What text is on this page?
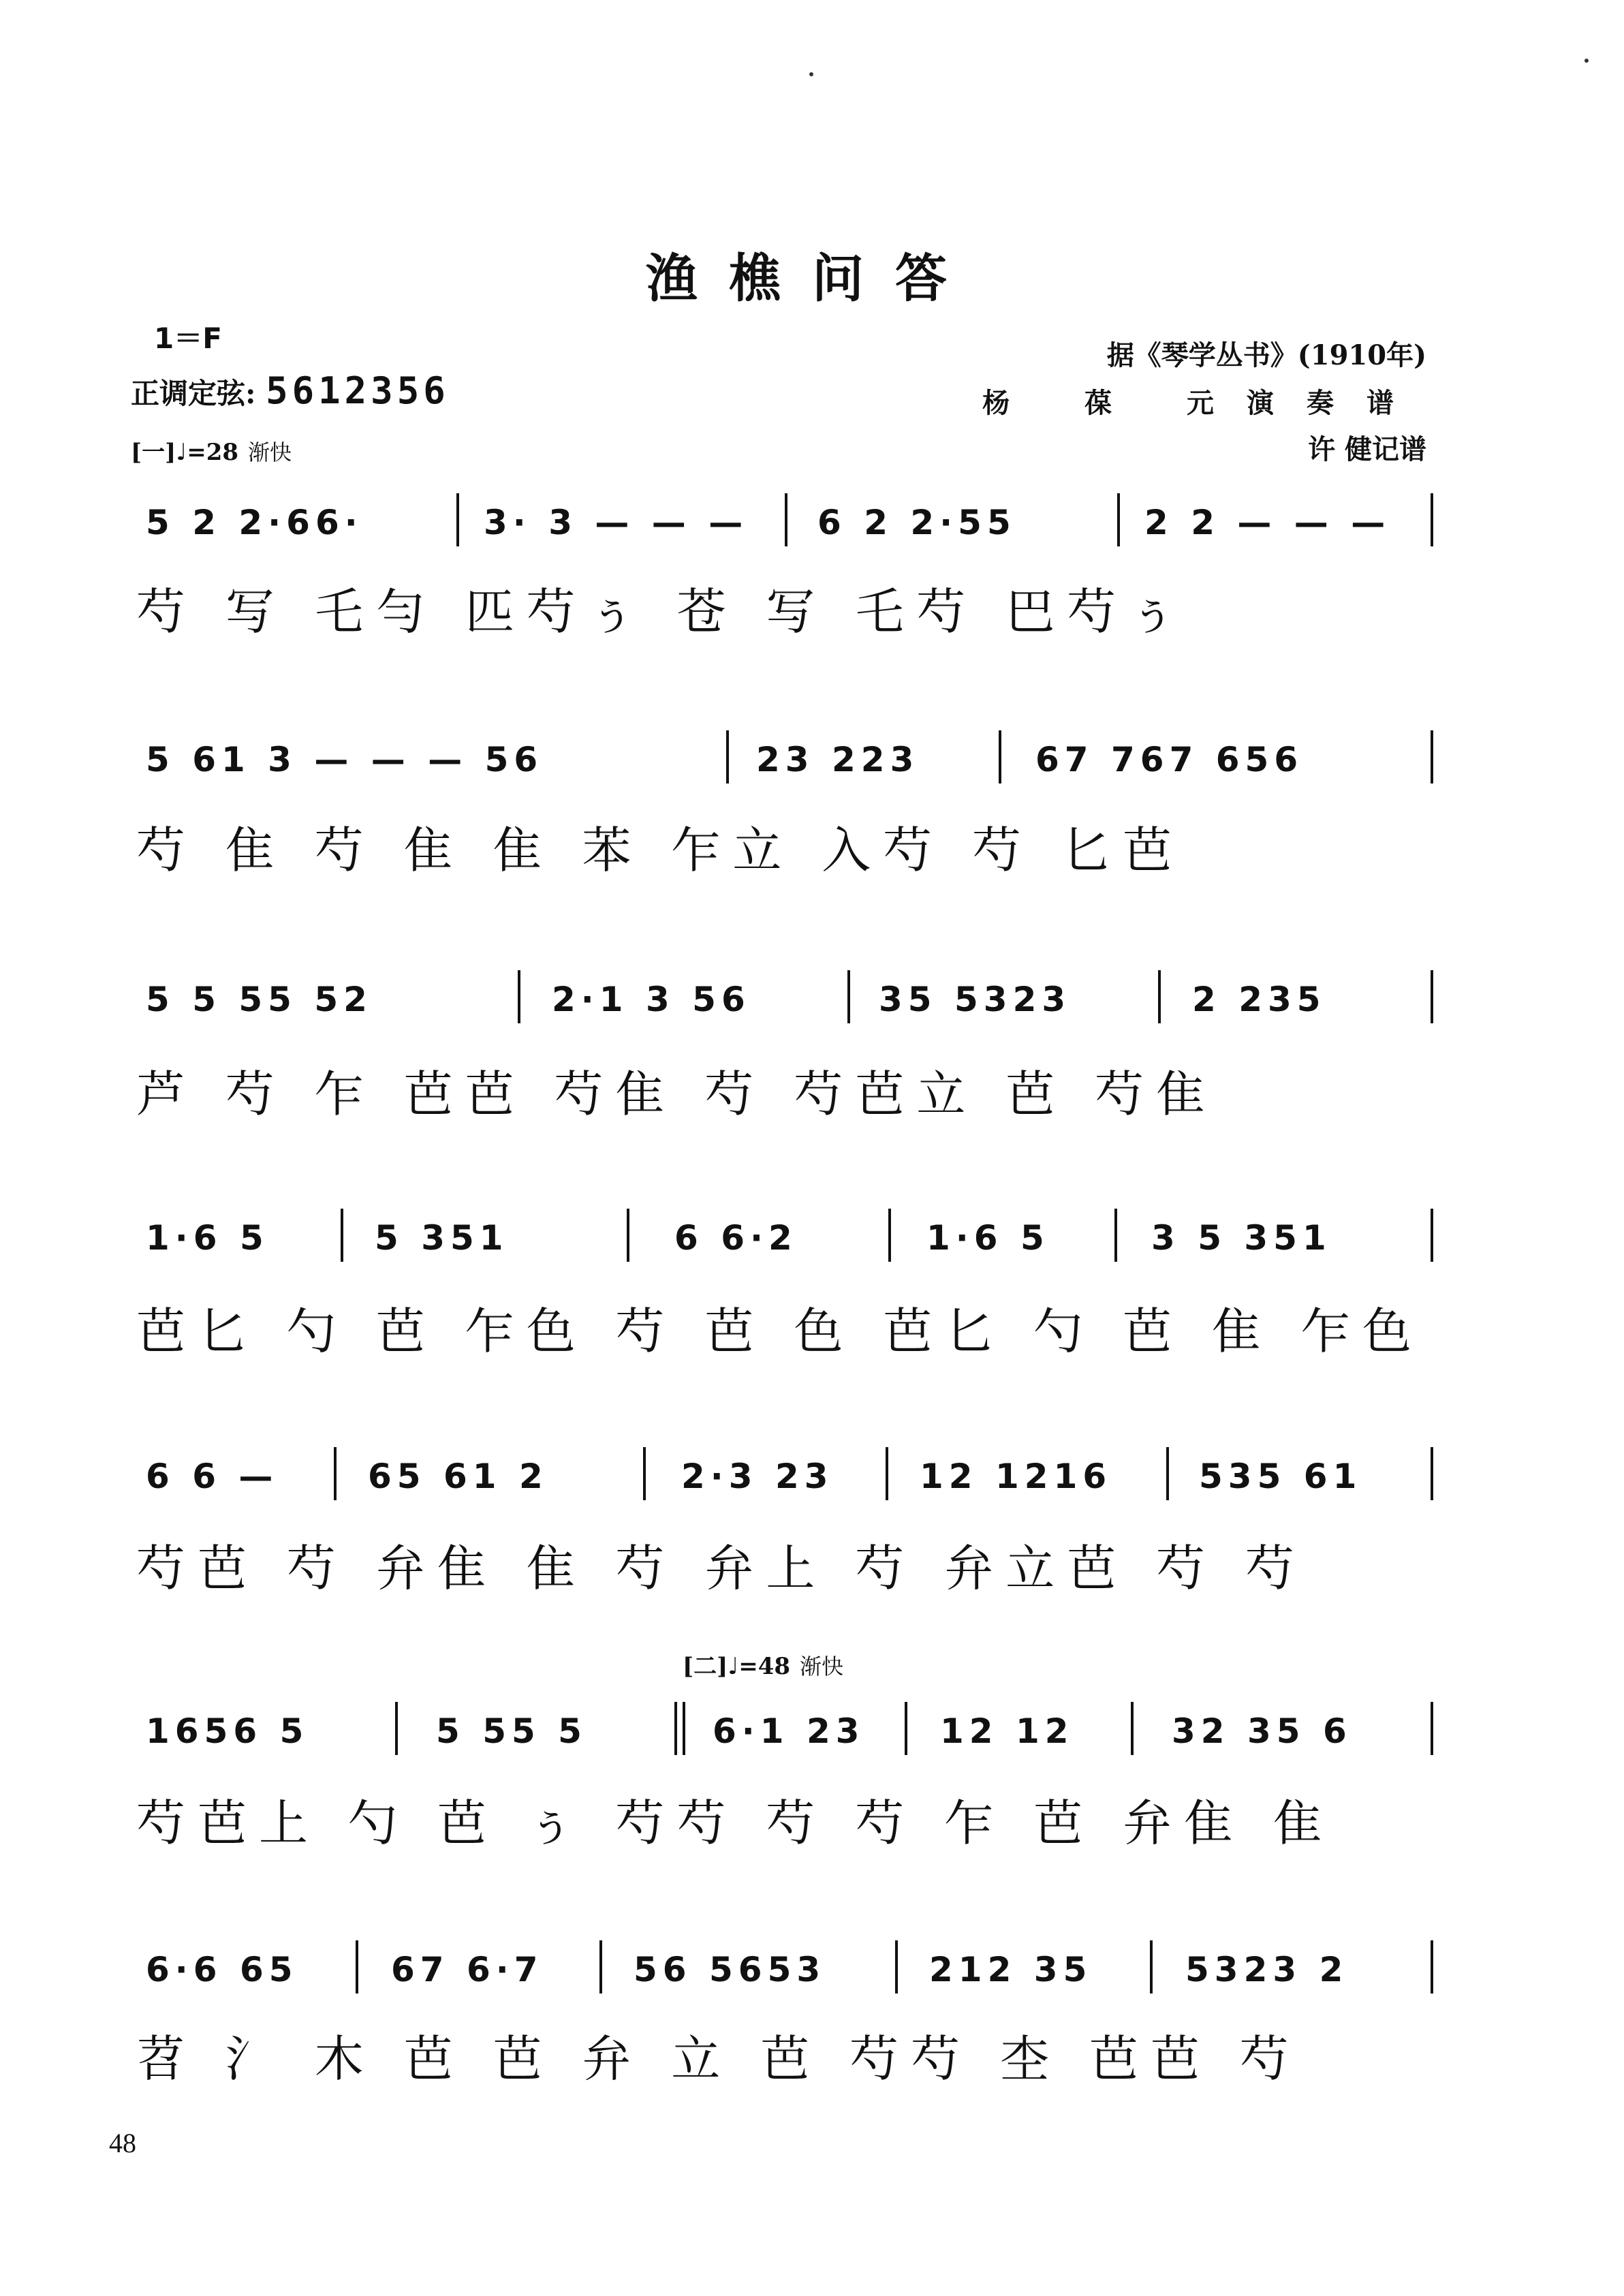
渔樵问答
1＝F
正调定弦: 5612356
[一]♩=28 渐快
据《琴学丛书》(1910年)
杨 葆 元演奏谱
许 健记谱
5 2 2·66·	3· 3 — — — 6 2 2·55	2 2 — — —
芍 写 乇勻 匹芍ぅ 苍 写 乇芍 巴芍ぅ
5 61 3 — — — 56	23 223	67 767 656
芍 隹 芍 隹 隹 苯 乍立 入芍 芍 匕芭
5 5 55 52	2·1 3 56	35 5323	2 235
芦 芍 乍 芭芭 芍隹 芍 芍芭立 芭 芍隹
1·6 5	5 351	6 6·2	1·6 5	3 5 351
芭匕 勺 芭 乍色 芍 芭 色 芭匕 勺 芭 隹 乍色
6 6 —	65 61 2	2·3 23	12 1216	535 61
芍芭 芍 弁隹 隹 芍 弁上 芍 弁立芭 芍 芍
[二]♩=48 渐快
1656 5	5 55 5	6·1 23 12 12	32 35 6
芍芭上 勺 芭 ぅ 芍芍 芍 芍 乍 芭 弁隹 隹
6·6 65	67 6·7	56 5653	212 35	5323 2
苕 氵 木 芭 芭 弁 立 芭 芍芍 杢 芭芭 芍
48
